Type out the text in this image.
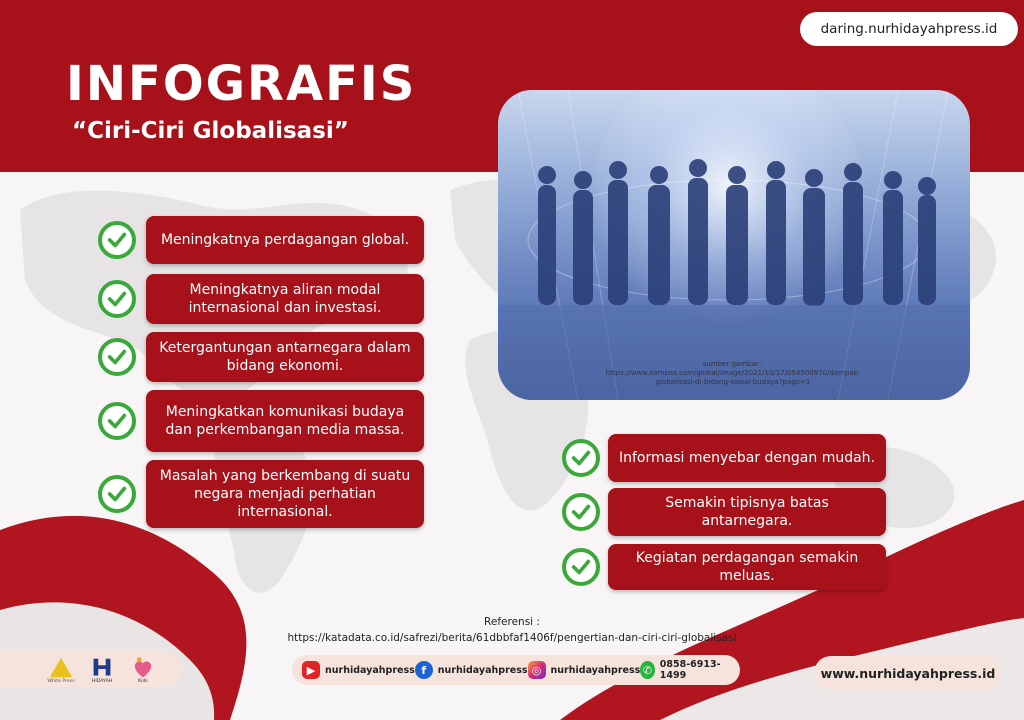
daring.nurhidayahpress.id
INFOGRAFIS
“Ciri-Ciri Globalisasi”
sumber gambar :
https://www.kompas.com/global/image/2021/10/17/054500970/dampak-globalisasi-di-bidang-sosial-budaya?page=1
Meningkatnya perdagangan global.
Meningkatnya aliran modal internasional dan investasi.
Ketergantungan antarnegara dalam bidang ekonomi.
Meningkatkan komunikasi budaya dan perkembangan media massa.
Masalah yang berkembang di suatu negara menjadi perhatian internasional.
Informasi menyebar dengan mudah.
Semakin tipisnya batas antarnegara.
Kegiatan perdagangan semakin meluas.
Referensi :
https://katadata.co.id/safrezi/berita/61dbbfaf1406f/pengertian-dan-ciri-ciri-globalisasi
White Press	HIDAYAH	Kids
▶	nurhidayahpress f	nurhidayahpress ◎ nurhidayahpress ✆ 0858-6913-1499	www.nurhidayahpress.id
